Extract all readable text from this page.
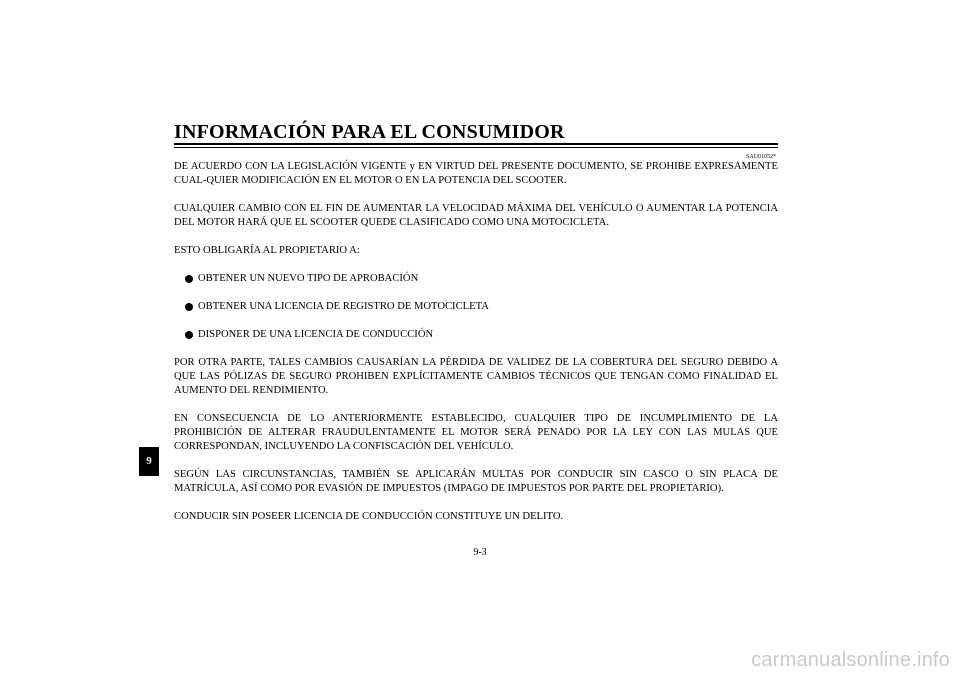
INFORMACIÓN PARA EL CONSUMIDOR
SAU01052*

DE ACUERDO CON LA LEGISLACIÓN VIGENTE y EN VIRTUD DEL PRESENTE DOCUMENTO, SE PROHIBE EXPRESAMENTE CUAL-QUIER MODIFICACIÓN EN EL MOTOR O EN LA POTENCIA DEL SCOOTER.

CUALQUIER CAMBIO CON EL FIN DE AUMENTAR LA VELOCIDAD MÁXIMA DEL VEHÍCULO O AUMENTAR LA POTENCIA DEL MOTOR HARÁ QUE EL SCOOTER QUEDE CLASIFICADO COMO UNA MOTOCICLETA.

ESTO OBLIGARÍA AL PROPIETARIO A:

OBTENER UN NUEVO TIPO DE APROBACIÓN
OBTENER UNA LICENCIA DE REGISTRO DE MOTOCICLETA
DISPONER DE UNA LICENCIA DE CONDUCCIÓN

POR OTRA PARTE, TALES CAMBIOS CAUSARÍAN LA PÉRDIDA DE VALIDEZ DE LA COBERTURA DEL SEGURO DEBIDO A QUE LAS PÓLIZAS DE SEGURO PROHIBEN EXPLÍCITAMENTE CAMBIOS TÉCNICOS QUE TENGAN COMO FINALIDAD EL AUMENTO DEL RENDIMIENTO.

EN CONSECUENCIA DE LO ANTERIORMENTE ESTABLECIDO, CUALQUIER TIPO DE INCUMPLIMIENTO DE LA PROHIBICIÓN DE ALTERAR FRAUDULENTAMENTE EL MOTOR SERÁ PENADO POR LA LEY CON LAS MULAS QUE CORRESPONDAN, INCLUYENDO LA CONFISCACIÓN DEL VEHÍCULO.

SEGÚN LAS CIRCUNSTANCIAS, TAMBIÉN SE APLICARÁN MULTAS POR CONDUCIR SIN CASCO O SIN PLACA DE MATRÍCULA, ASÍ COMO POR EVASIÓN DE IMPUESTOS (IMPAGO DE IMPUESTOS POR PARTE DEL PROPIETARIO).

CONDUCIR SIN POSEER LICENCIA DE CONDUCCIÓN CONSTITUYE UN DELITO.

9
9-3
carmanualsonline.info
